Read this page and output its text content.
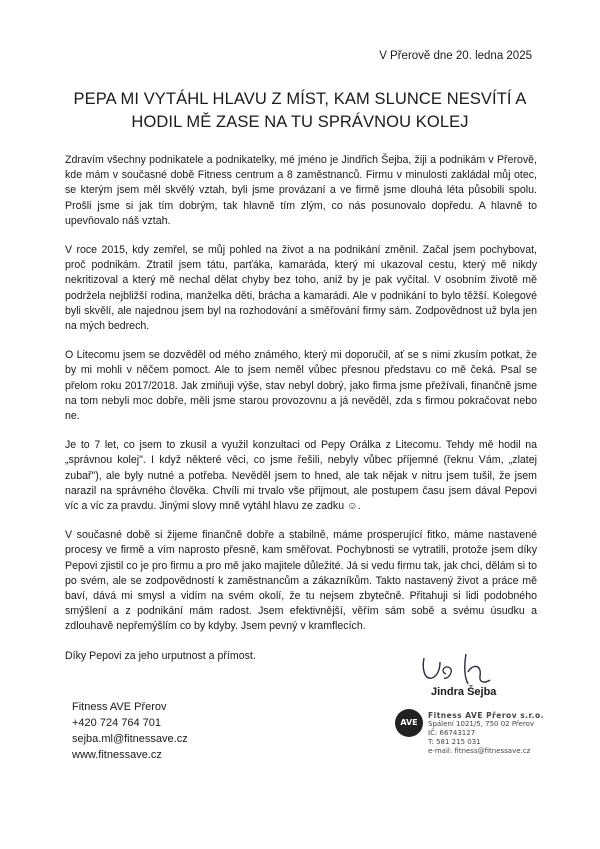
V Přerově dne 20. ledna 2025
PEPA MI VYTÁHL HLAVU Z MÍST, KAM SLUNCE NESVÍTÍ A
HODIL MĚ ZASE NA TU SPRÁVNOU KOLEJ

Zdravím všechny podnikatele a podnikatelky, mé jméno je Jindřich Šejba, žiji a podnikám v Přerově, kde mám v současné době Fitness centrum a 8 zaměstnanců. Firmu v minulosti zakládal můj otec, se kterým jsem měl skvělý vztah, byli jsme provázaní a ve firmě jsme dlouhá léta působili spolu. Prošli jsme si jak tím dobrým, tak hlavně tím zlým, co nás posunovalo dopředu. A hlavně to upevňovalo náš vztah.

V roce 2015, kdy zemřel, se můj pohled na život a na podnikání změnil. Začal jsem pochybovat, proč podnikám. Ztratil jsem tátu, parťáka, kamaráda, který mi ukazoval cestu, který mě nikdy nekritizoval a který mě nechal dělat chyby bez toho, aniž by je pak vyčítal. V osobním životě mě podržela nejbližší rodina, manželka děti, brácha a kamarádi. Ale v podnikání to bylo těžší. Kolegové byli skvělí, ale najednou jsem byl na rozhodování a směřování firmy sám. Zodpovědnost už byla jen na mých bedrech.

O Litecomu jsem se dozvěděl od mého známého, který mi doporučil, ať se s nimi zkusím potkat, že by mi mohli v něčem pomoct. Ale to jsem neměl vůbec přesnou představu co mě čeká. Psal se přelom roku 2017/2018. Jak zmiňuji výše, stav nebyl dobrý, jako firma jsme přežívali, finančně jsme na tom nebyli moc dobře, měli jsme starou provozovnu a já nevěděl, zda s firmou pokračovat nebo ne.

Je to 7 let, co jsem to zkusil a využil konzultaci od Pepy Orálka z Litecomu. Tehdy mě hodil na „správnou kolej". I když některé věci, co jsme řešili, nebyly vůbec příjemné (řeknu Vám, „zlatej zubař"), ale byly nutné a potřeba. Nevěděl jsem to hned, ale tak nějak v nitru jsem tušil, že jsem narazil na správného člověka. Chvíli mi trvalo vše přijmout, ale postupem času jsem dával Pepovi víc a víc za pravdu. Jinými slovy mně vytáhl hlavu ze zadku ☺.

V současné době si žijeme finančně dobře a stabilně, máme prosperující fitko, máme nastavené procesy ve firmě a vím naprosto přesně, kam směřovat. Pochybnosti se vytratili, protože jsem díky Pepovi zjistil co je pro firmu a pro mě jako majitele důležité. Já si vedu firmu tak, jak chci, dělám si to po svém, ale se zodpovědností k zaměstnancům a zákazníkům. Takto nastavený život a práce mě baví, dává mi smysl a vidím na svém okolí, že tu nejsem zbytečně. Přitahuji si lidi podobného smýšlení a z podnikání mám radost. Jsem efektivnější, věřím sám sobě a svému úsudku a zdlouhavě nepřemýšlím co by kdyby. Jsem pevný v kramflecích.

Díky Pepovi za jeho urputnost a přímost.

Jindra Šejba
AVE
Fitness AVE Přerov s.r.o.
Spálení 1021/5, 750 02 Přerov
IČ: 66743127
T: 581 215 031
e-mail: fitness@fitnessave.cz
Fitness AVE Přerov
+420 724 764 701
sejba.ml@fitnessave.cz
www.fitnessave.cz
